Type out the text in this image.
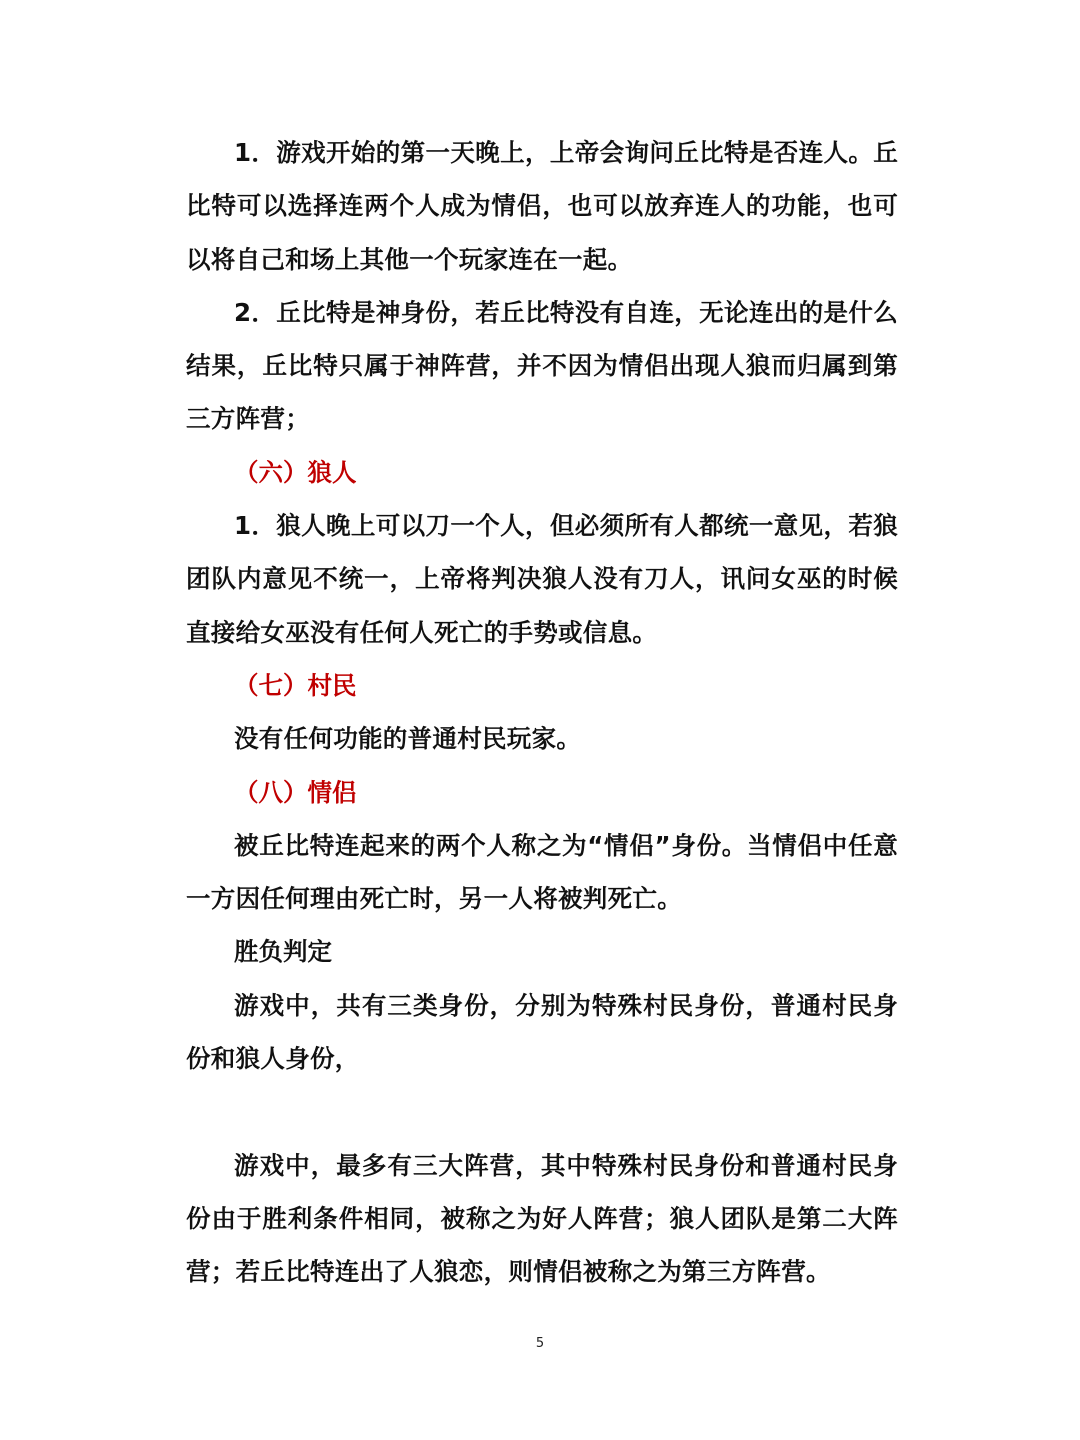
1．游戏开始的第一天晚上，上帝会询问丘比特是否连人。丘比特可以选择连两个人成为情侣，也可以放弃连人的功能，也可以将自己和场上其他一个玩家连在一起。

2．丘比特是神身份，若丘比特没有自连，无论连出的是什么结果，丘比特只属于神阵营，并不因为情侣出现人狼而归属到第三方阵营；

（六）狼人

1．狼人晚上可以刀一个人，但必须所有人都统一意见，若狼团队内意见不统一，上帝将判决狼人没有刀人，讯问女巫的时候直接给女巫没有任何人死亡的手势或信息。

（七）村民

没有任何功能的普通村民玩家。

（八）情侣

被丘比特连起来的两个人称之为“情侣”身份。当情侣中任意一方因任何理由死亡时，另一人将被判死亡。

胜负判定

游戏中，共有三类身份，分别为特殊村民身份，普通村民身份和狼人身份，

游戏中，最多有三大阵营，其中特殊村民身份和普通村民身份由于胜利条件相同，被称之为好人阵营；狼人团队是第二大阵营；若丘比特连出了人狼恋，则情侣被称之为第三方阵营。

5
